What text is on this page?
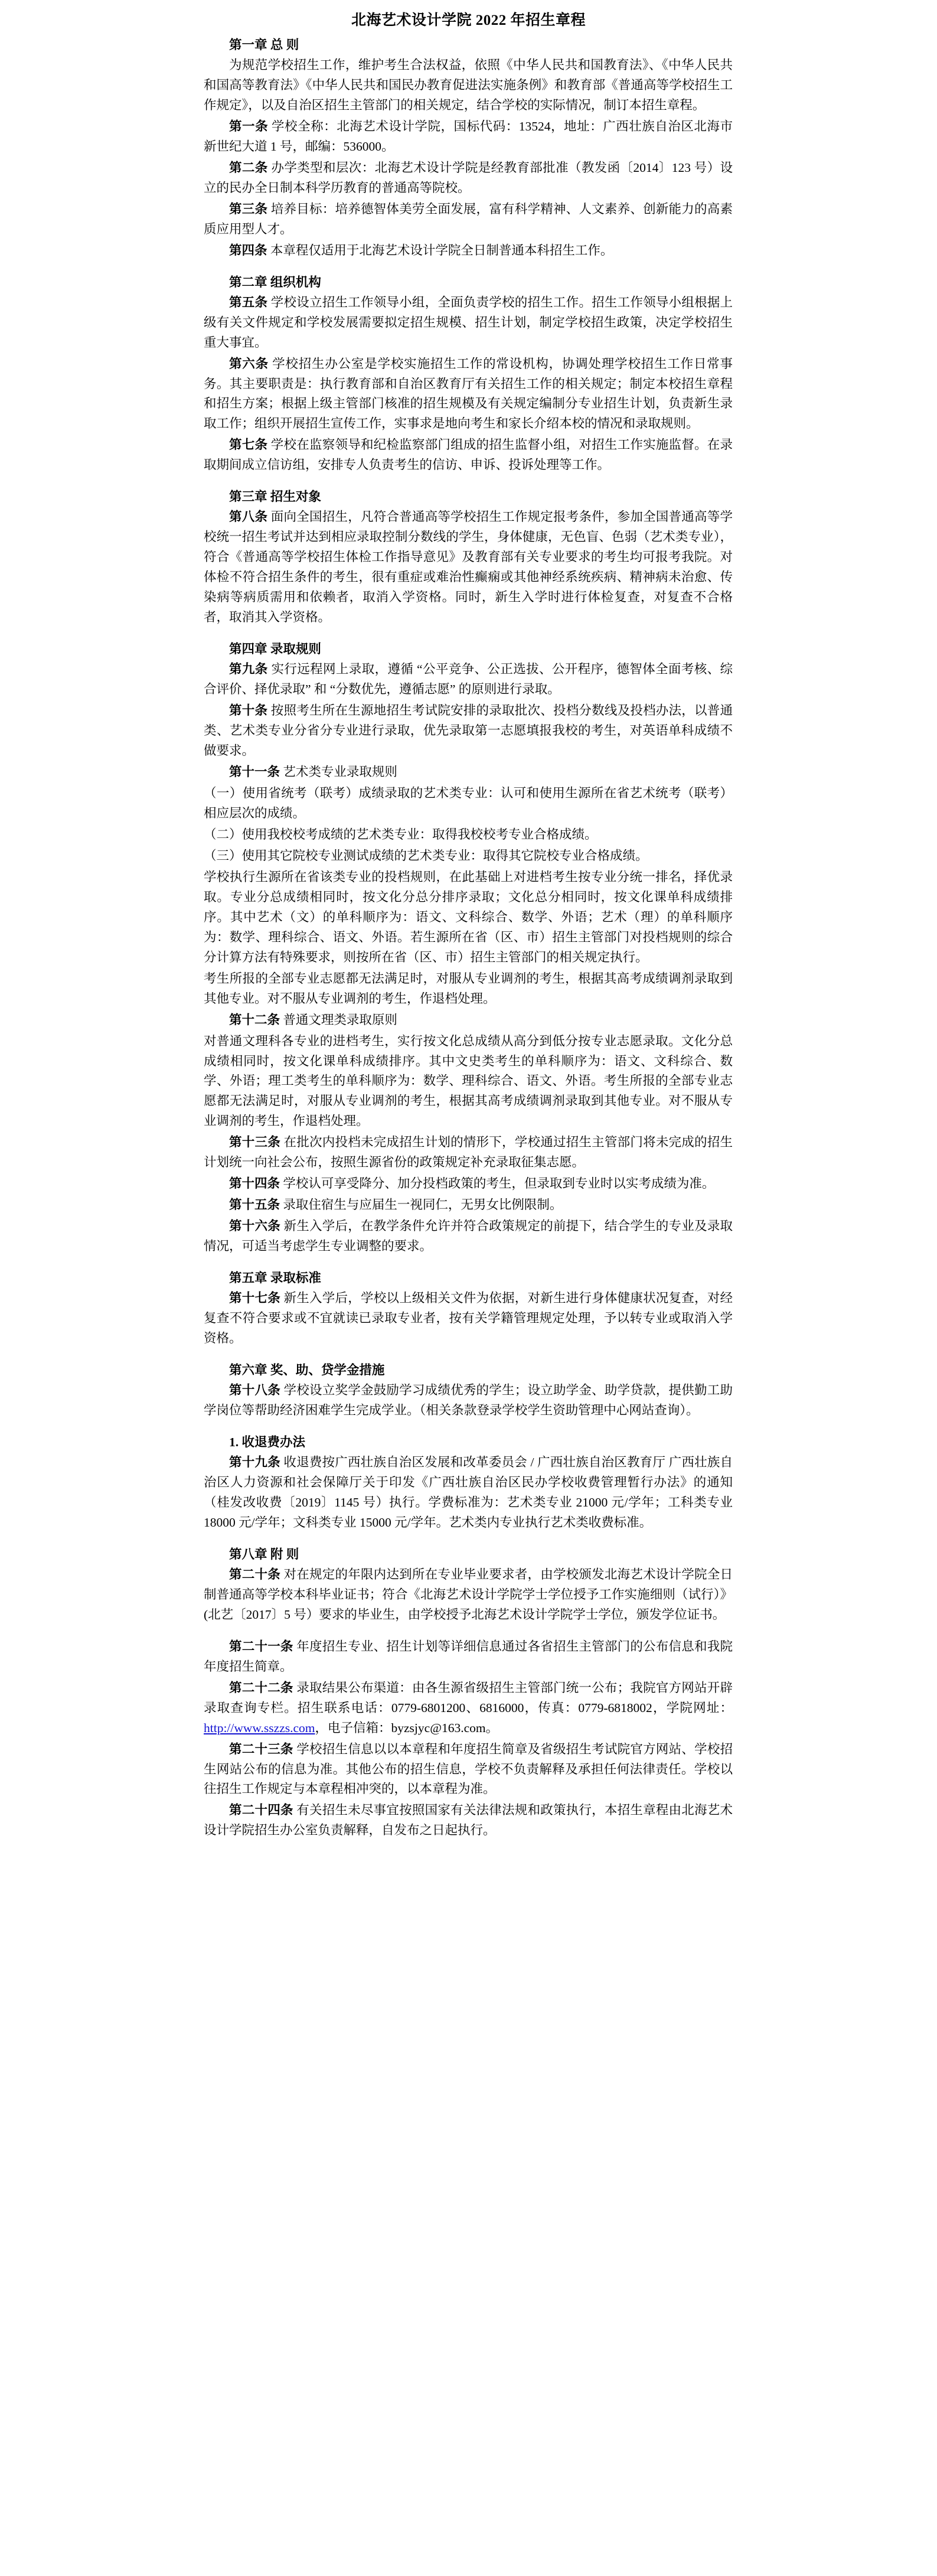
北海艺术设计学院 2022 年招生章程

第一章 总 则

为规范学校招生工作，维护考生合法权益，依照《中华人民共和国教育法》、《中华人民共和国高等教育法》《中华人民共和国民办教育促进法实施条例》和教育部《普通高等学校招生工作规定》，以及自治区招生主管部门的相关规定，结合学校的实际情况，制订本招生章程。

第一条 学校全称：北海艺术设计学院，国标代码：13524，地址：广西壮族自治区北海市新世纪大道 1 号，邮编：536000。

第二条 办学类型和层次：北海艺术设计学院是经教育部批准（教发函〔2014〕123 号）设立的民办全日制本科学历教育的普通高等院校。

第三条 培养目标：培养德智体美劳全面发展，富有科学精神、人文素养、创新能力的高素质应用型人才。

第四条 本章程仅适用于北海艺术设计学院全日制普通本科招生工作。

第二章 组织机构

第五条 学校设立招生工作领导小组，全面负责学校的招生工作。招生工作领导小组根据上级有关文件规定和学校发展需要拟定招生规模、招生计划，制定学校招生政策，决定学校招生重大事宜。

第六条 学校招生办公室是学校实施招生工作的常设机构，协调处理学校招生工作日常事务。其主要职责是：执行教育部和自治区教育厅有关招生工作的相关规定；制定本校招生章程和招生方案；根据上级主管部门核准的招生规模及有关规定编制分专业招生计划，负责新生录取工作；组织开展招生宣传工作，实事求是地向考生和家长介绍本校的情况和录取规则。

第七条 学校在监察领导和纪检监察部门组成的招生监督小组，对招生工作实施监督。在录取期间成立信访组，安排专人负责考生的信访、申诉、投诉处理等工作。

第三章 招生对象

第八条 面向全国招生，凡符合普通高等学校招生工作规定报考条件，参加全国普通高等学校统一招生考试并达到相应录取控制分数线的学生，身体健康，无色盲、色弱（艺术类专业），符合《普通高等学校招生体检工作指导意见》及教育部有关专业要求的考生均可报考我院。对体检不符合招生条件的考生，很有重症或难治性癫痫或其他神经系统疾病、精神病未治愈、传染病等病质需用和依赖者，取消入学资格。同时，新生入学时进行体检复查，对复查不合格者，取消其入学资格。

第四章 录取规则

第九条 实行远程网上录取，遵循 “公平竞争、公正选拔、公开程序，德智体全面考核、综合评价、择优录取” 和 “分数优先，遵循志愿” 的原则进行录取。

第十条 按照考生所在生源地招生考试院安排的录取批次、投档分数线及投档办法，以普通类、艺术类专业分省分专业进行录取，优先录取第一志愿填报我校的考生，对英语单科成绩不做要求。

第十一条 艺术类专业录取规则

（一）使用省统考（联考）成绩录取的艺术类专业：认可和使用生源所在省艺术统考（联考）相应层次的成绩。

（二）使用我校校考成绩的艺术类专业：取得我校校考专业合格成绩。

（三）使用其它院校专业测试成绩的艺术类专业：取得其它院校专业合格成绩。

学校执行生源所在省该类专业的投档规则，在此基础上对进档考生按专业分统一排名，择优录取。专业分总成绩相同时，按文化分总分排序录取；文化总分相同时，按文化课单科成绩排序。其中艺术（文）的单科顺序为：语文、文科综合、数学、外语；艺术（理）的单科顺序为：数学、理科综合、语文、外语。若生源所在省（区、市）招生主管部门对投档规则的综合分计算方法有特殊要求，则按所在省（区、市）招生主管部门的相关规定执行。

考生所报的全部专业志愿都无法满足时，对服从专业调剂的考生，根据其高考成绩调剂录取到其他专业。对不服从专业调剂的考生，作退档处理。

第十二条 普通文理类录取原则

对普通文理科各专业的进档考生，实行按文化总成绩从高分到低分按专业志愿录取。文化分总成绩相同时，按文化课单科成绩排序。其中文史类考生的单科顺序为：语文、文科综合、数学、外语；理工类考生的单科顺序为：数学、理科综合、语文、外语。考生所报的全部专业志愿都无法满足时，对服从专业调剂的考生，根据其高考成绩调剂录取到其他专业。对不服从专业调剂的考生，作退档处理。

第十三条 在批次内投档未完成招生计划的情形下，学校通过招生主管部门将未完成的招生计划统一向社会公布，按照生源省份的政策规定补充录取征集志愿。

第十四条 学校认可享受降分、加分投档政策的考生，但录取到专业时以实考成绩为准。

第十五条 录取住宿生与应届生一视同仁，无男女比例限制。

第十六条 新生入学后，在教学条件允许并符合政策规定的前提下，结合学生的专业及录取情况，可适当考虑学生专业调整的要求。

第五章 录取标准

第十七条 新生入学后，学校以上级相关文件为依据，对新生进行身体健康状况复查，对经复查不符合要求或不宜就读已录取专业者，按有关学籍管理规定处理，予以转专业或取消入学资格。

第六章 奖、助、贷学金措施

第十八条 学校设立奖学金鼓励学习成绩优秀的学生；设立助学金、助学贷款，提供勤工助学岗位等帮助经济困难学生完成学业。（相关条款登录学校学生资助管理中心网站查询）。

1. 收退费办法

第十九条 收退费按广西壮族自治区发展和改革委员会 / 广西壮族自治区教育厅 广西壮族自治区人力资源和社会保障厅关于印发《广西壮族自治区民办学校收费管理暂行办法》的通知（桂发改收费〔2019〕1145 号）执行。学费标准为：艺术类专业 21000 元/学年；工科类专业 18000 元/学年；文科类专业 15000 元/学年。艺术类内专业执行艺术类收费标准。

第八章 附 则

第二十条 对在规定的年限内达到所在专业毕业要求者，由学校颁发北海艺术设计学院全日制普通高等学校本科毕业证书；符合《北海艺术设计学院学士学位授予工作实施细则（试行）》(北艺〔2017〕5 号）要求的毕业生，由学校授予北海艺术设计学院学士学位，颁发学位证书。

第二十一条 年度招生专业、招生计划等详细信息通过各省招生主管部门的公布信息和我院年度招生简章。

第二十二条 录取结果公布渠道：由各生源省级招生主管部门统一公布；我院官方网站开辟录取查询专栏。招生联系电话：0779-6801200、6816000，传真：0779-6818002，学院网址：http://www.sszzs.com，电子信箱：byzsjyc@163.com。

第二十三条 学校招生信息以以本章程和年度招生简章及省级招生考试院官方网站、学校招生网站公布的信息为准。其他公布的招生信息，学校不负责解释及承担任何法律责任。学校以往招生工作规定与本章程相冲突的，以本章程为准。

第二十四条 有关招生未尽事宜按照国家有关法律法规和政策执行，本招生章程由北海艺术设计学院招生办公室负责解释，自发布之日起执行。
